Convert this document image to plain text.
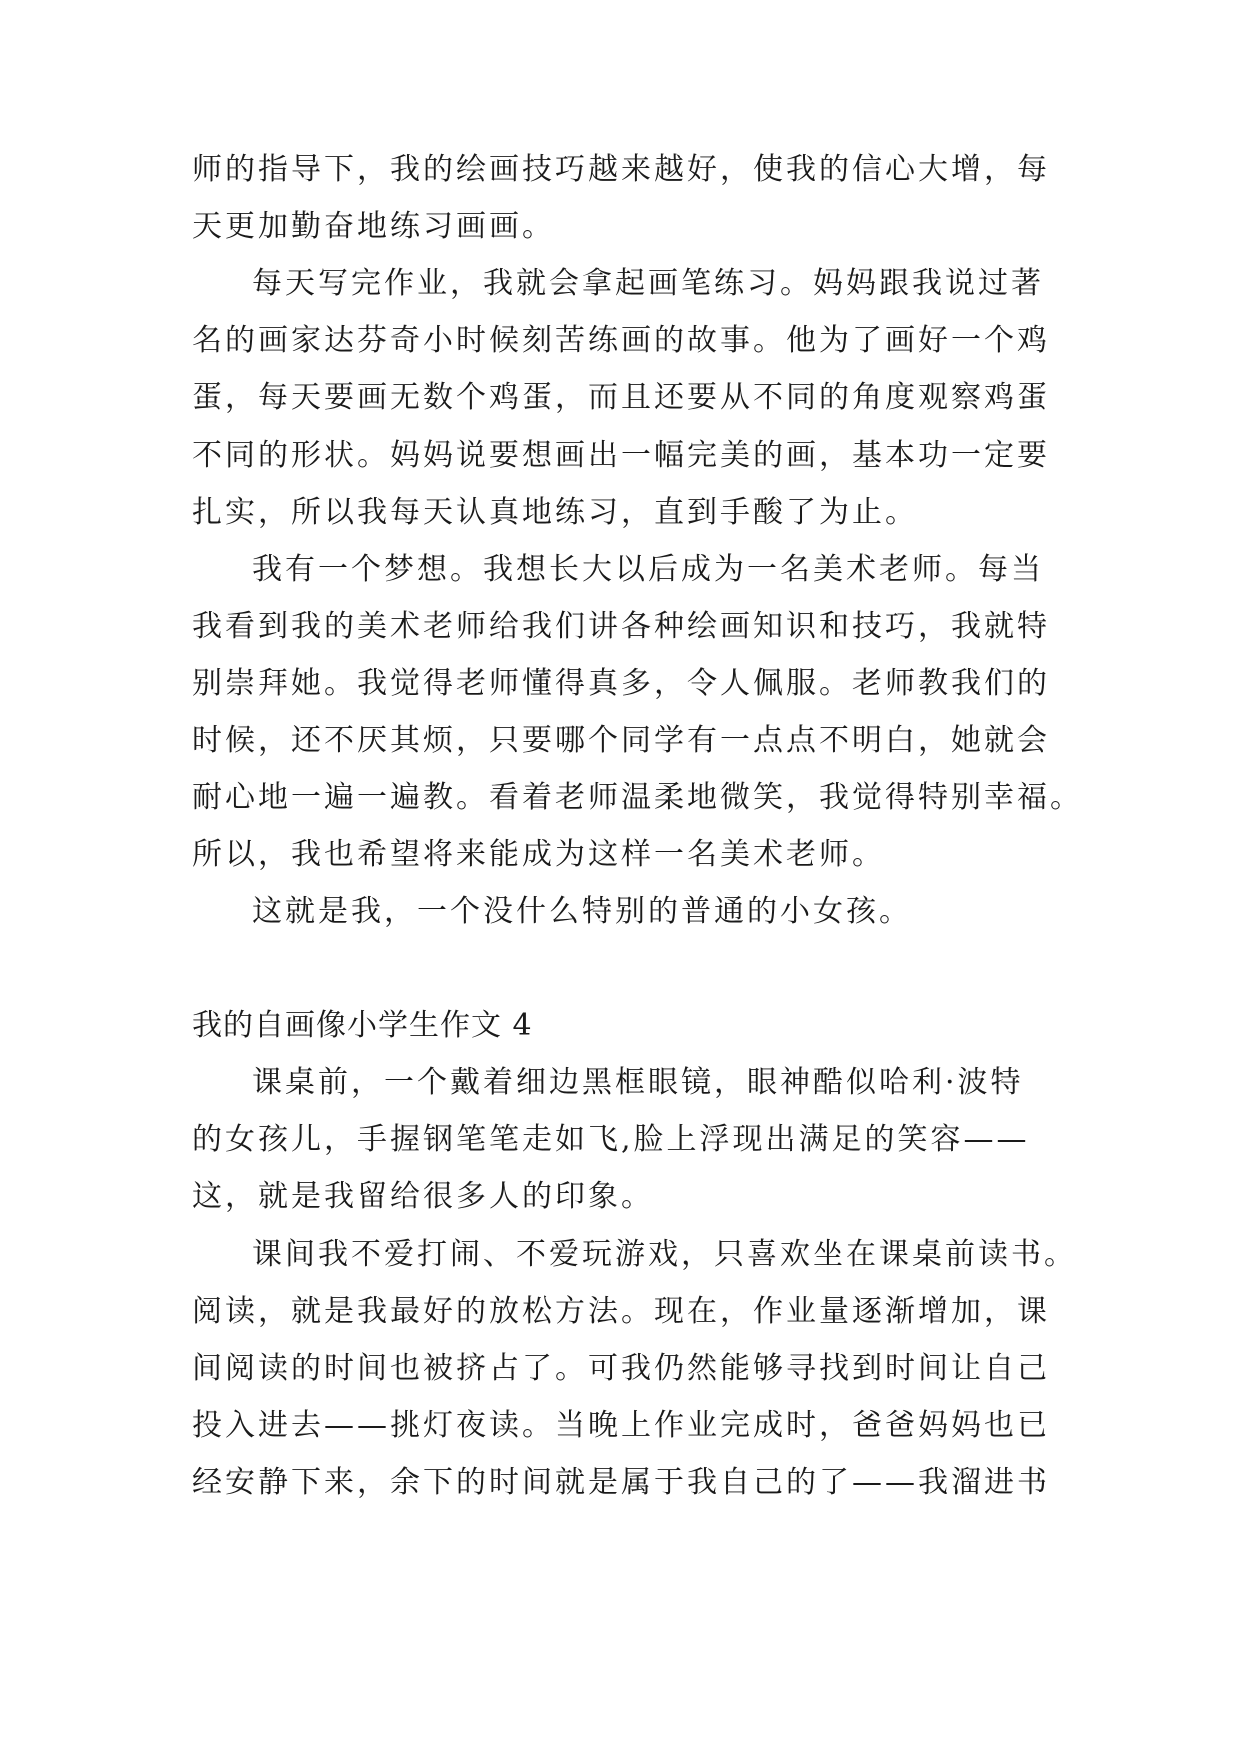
师的指导下，我的绘画技巧越来越好，使我的信心大增，每

天更加勤奋地练习画画。

每天写完作业，我就会拿起画笔练习。妈妈跟我说过著

名的画家达芬奇小时候刻苦练画的故事。他为了画好一个鸡

蛋，每天要画无数个鸡蛋，而且还要从不同的角度观察鸡蛋

不同的形状。妈妈说要想画出一幅完美的画，基本功一定要

扎实，所以我每天认真地练习，直到手酸了为止。

我有一个梦想。我想长大以后成为一名美术老师。每当

我看到我的美术老师给我们讲各种绘画知识和技巧，我就特

别崇拜她。我觉得老师懂得真多，令人佩服。老师教我们的

时候，还不厌其烦，只要哪个同学有一点点不明白，她就会

耐心地一遍一遍教。看着老师温柔地微笑，我觉得特别幸福。

所以，我也希望将来能成为这样一名美术老师。

这就是我，一个没什么特别的普通的小女孩。

我的自画像小学生作文 4

课桌前，一个戴着细边黑框眼镜，眼神酷似哈利·波特

的女孩儿，手握钢笔笔走如飞,脸上浮现出满足的笑容——

这，就是我留给很多人的印象。

课间我不爱打闹、不爱玩游戏，只喜欢坐在课桌前读书。

阅读，就是我最好的放松方法。现在，作业量逐渐增加，课

间阅读的时间也被挤占了。可我仍然能够寻找到时间让自己

投入进去——挑灯夜读。当晚上作业完成时，爸爸妈妈也已

经安静下来，余下的时间就是属于我自己的了——我溜进书
